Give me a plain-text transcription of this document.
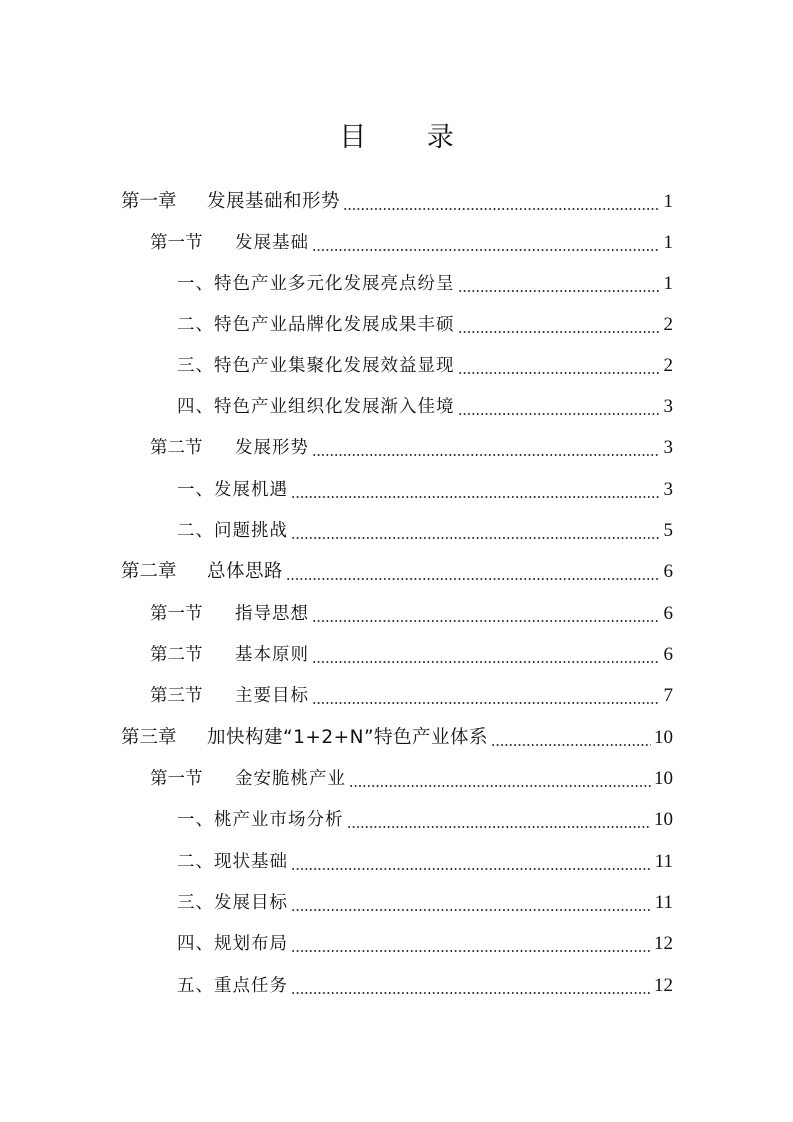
目 录
第一章	发展基础和形势	1
第一节	发展基础	1
一、特色产业多元化发展亮点纷呈	1
二、特色产业品牌化发展成果丰硕	2
三、特色产业集聚化发展效益显现	2
四、特色产业组织化发展渐入佳境	3
第二节	发展形势	3
一、发展机遇	3
二、问题挑战	5
第二章	总体思路	6
第一节	指导思想	6
第二节	基本原则	6
第三节	主要目标	7
第三章	加快构建“1+2+N”特色产业体系	10
第一节	金安脆桃产业	10
一、桃产业市场分析	10
二、现状基础	11
三、发展目标	11
四、规划布局	12
五、重点任务	12
